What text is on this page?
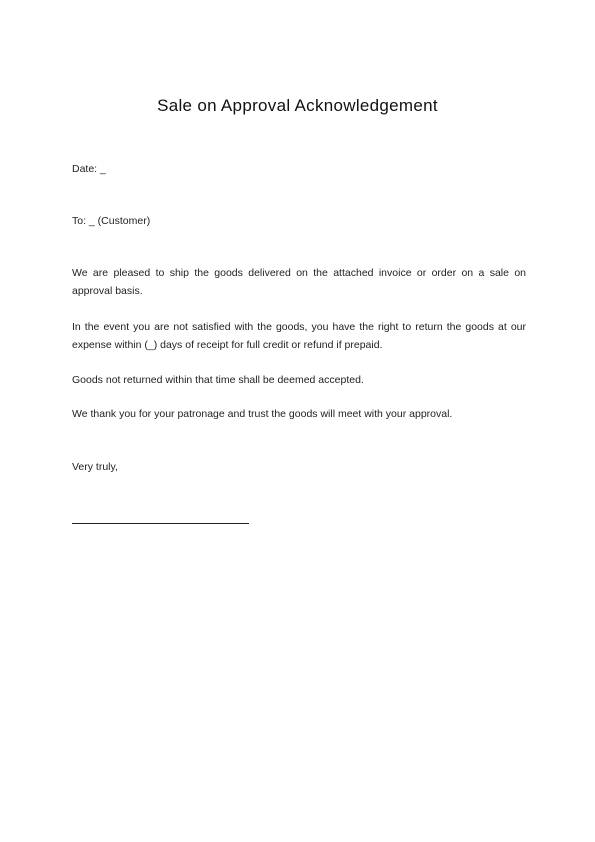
Sale on Approval Acknowledgement
Date: _
To: _ (Customer)
We are pleased to ship the goods delivered on the attached invoice or order on a sale on approval basis.
In the event you are not satisfied with the goods, you have the right to return the goods at our expense within (_) days of receipt for full credit or refund if prepaid.
Goods not returned within that time shall be deemed accepted.
We thank you for your patronage and trust the goods will meet with your approval.
Very truly,
